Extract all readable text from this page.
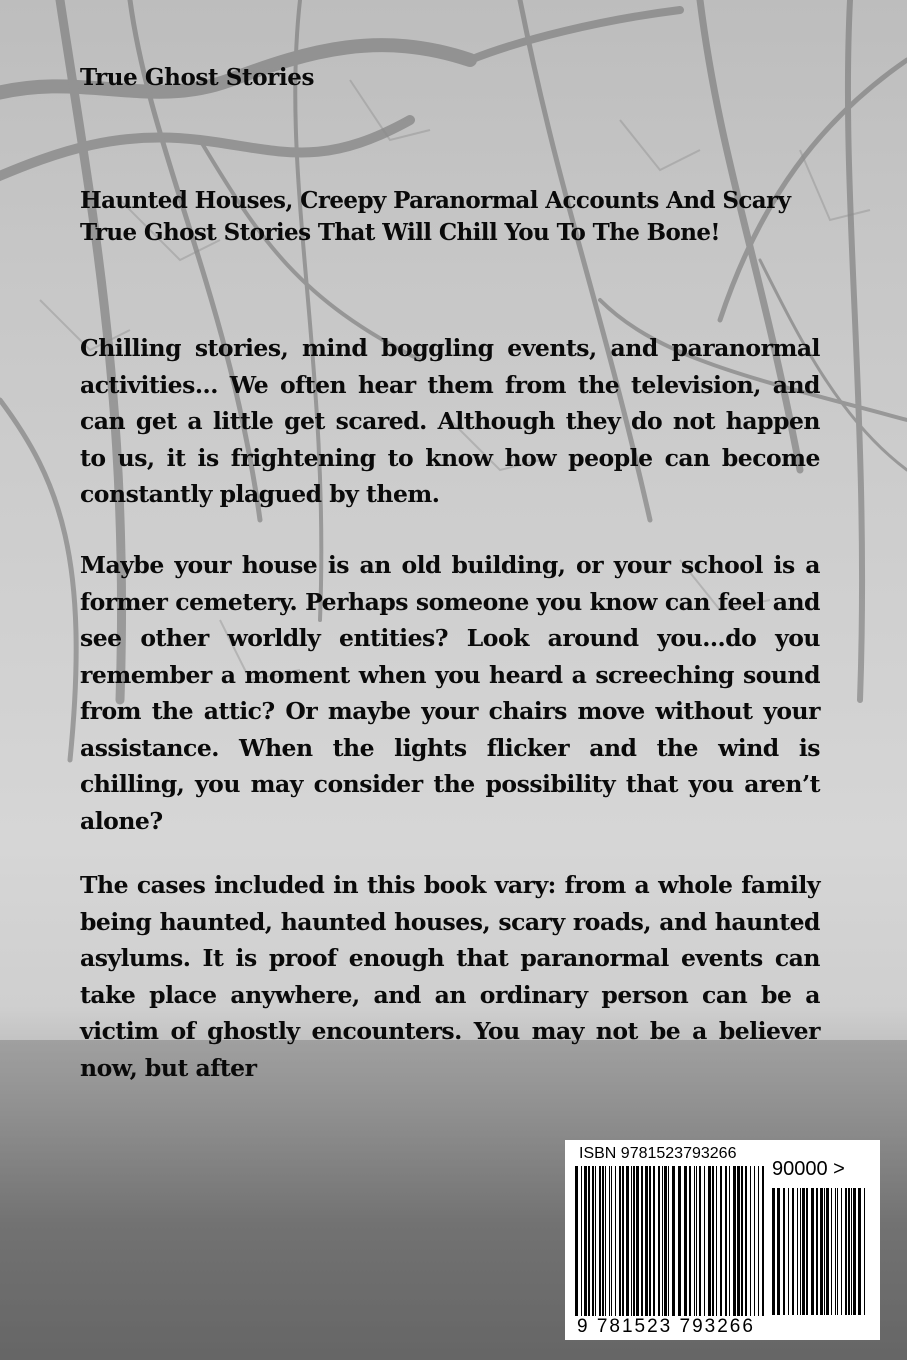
True Ghost Stories
Haunted Houses, Creepy Paranormal Accounts And Scary True Ghost Stories That Will Chill You To The Bone!
Chilling stories, mind boggling events, and paranormal activities... We often hear them from the television, and can get a little get scared. Although they do not happen to us, it is frightening to know how people can become constantly plagued by them.
Maybe your house is an old building, or your school is a former cemetery. Perhaps someone you know can feel and see other worldly entities? Look around you...do you remember a moment when you heard a screeching sound from the attic? Or maybe your chairs move without your assistance. When the lights flicker and the wind is chilling, you may consider the possibility that you aren’t alone?
The cases included in this book vary: from a whole family being haunted, haunted houses, scary roads, and haunted asylums. It is proof enough that paranormal events can take place anywhere, and an ordinary person can be a victim of ghostly encounters. You may not be a believer now, but after
ISBN 9781523793266
90000 >
9 781523 793266
